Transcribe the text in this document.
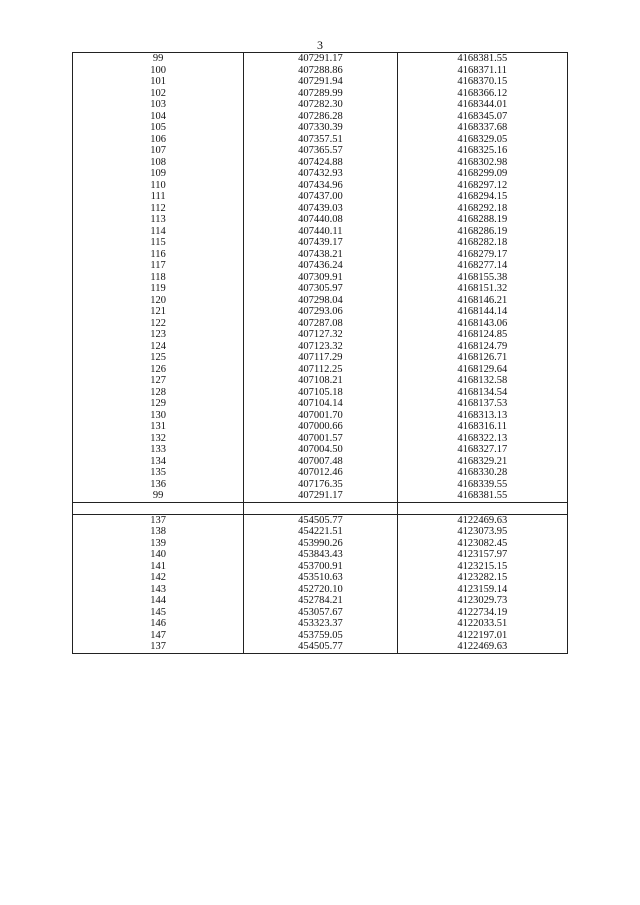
3
99	407291.17	4168381.55
100	407288.86	4168371.11
101	407291.94	4168370.15
102	407289.99	4168366.12
103	407282.30	4168344.01
104	407286.28	4168345.07
105	407330.39	4168337.68
106	407357.51	4168329.05
107	407365.57	4168325.16
108	407424.88	4168302.98
109	407432.93	4168299.09
110	407434.96	4168297.12
111	407437.00	4168294.15
112	407439.03	4168292.18
113	407440.08	4168288.19
114	407440.11	4168286.19
115	407439.17	4168282.18
116	407438.21	4168279.17
117	407436.24	4168277.14
118	407309.91	4168155.38
119	407305.97	4168151.32
120	407298.04	4168146.21
121	407293.06	4168144.14
122	407287.08	4168143.06
123	407127.32	4168124.85
124	407123.32	4168124.79
125	407117.29	4168126.71
126	407112.25	4168129.64
127	407108.21	4168132.58
128	407105.18	4168134.54
129	407104.14	4168137.53
130	407001.70	4168313.13
131	407000.66	4168316.11
132	407001.57	4168322.13
133	407004.50	4168327.17
134	407007.48	4168329.21
135	407012.46	4168330.28
136	407176.35	4168339.55
99	407291.17	4168381.55

137	454505.77	4122469.63
138	454221.51	4123073.95
139	453990.26	4123082.45
140	453843.43	4123157.97
141	453700.91	4123215.15
142	453510.63	4123282.15
143	452720.10	4123159.14
144	452784.21	4123029.73
145	453057.67	4122734.19
146	453323.37	4122033.51
147	453759.05	4122197.01
137	454505.77	4122469.63
